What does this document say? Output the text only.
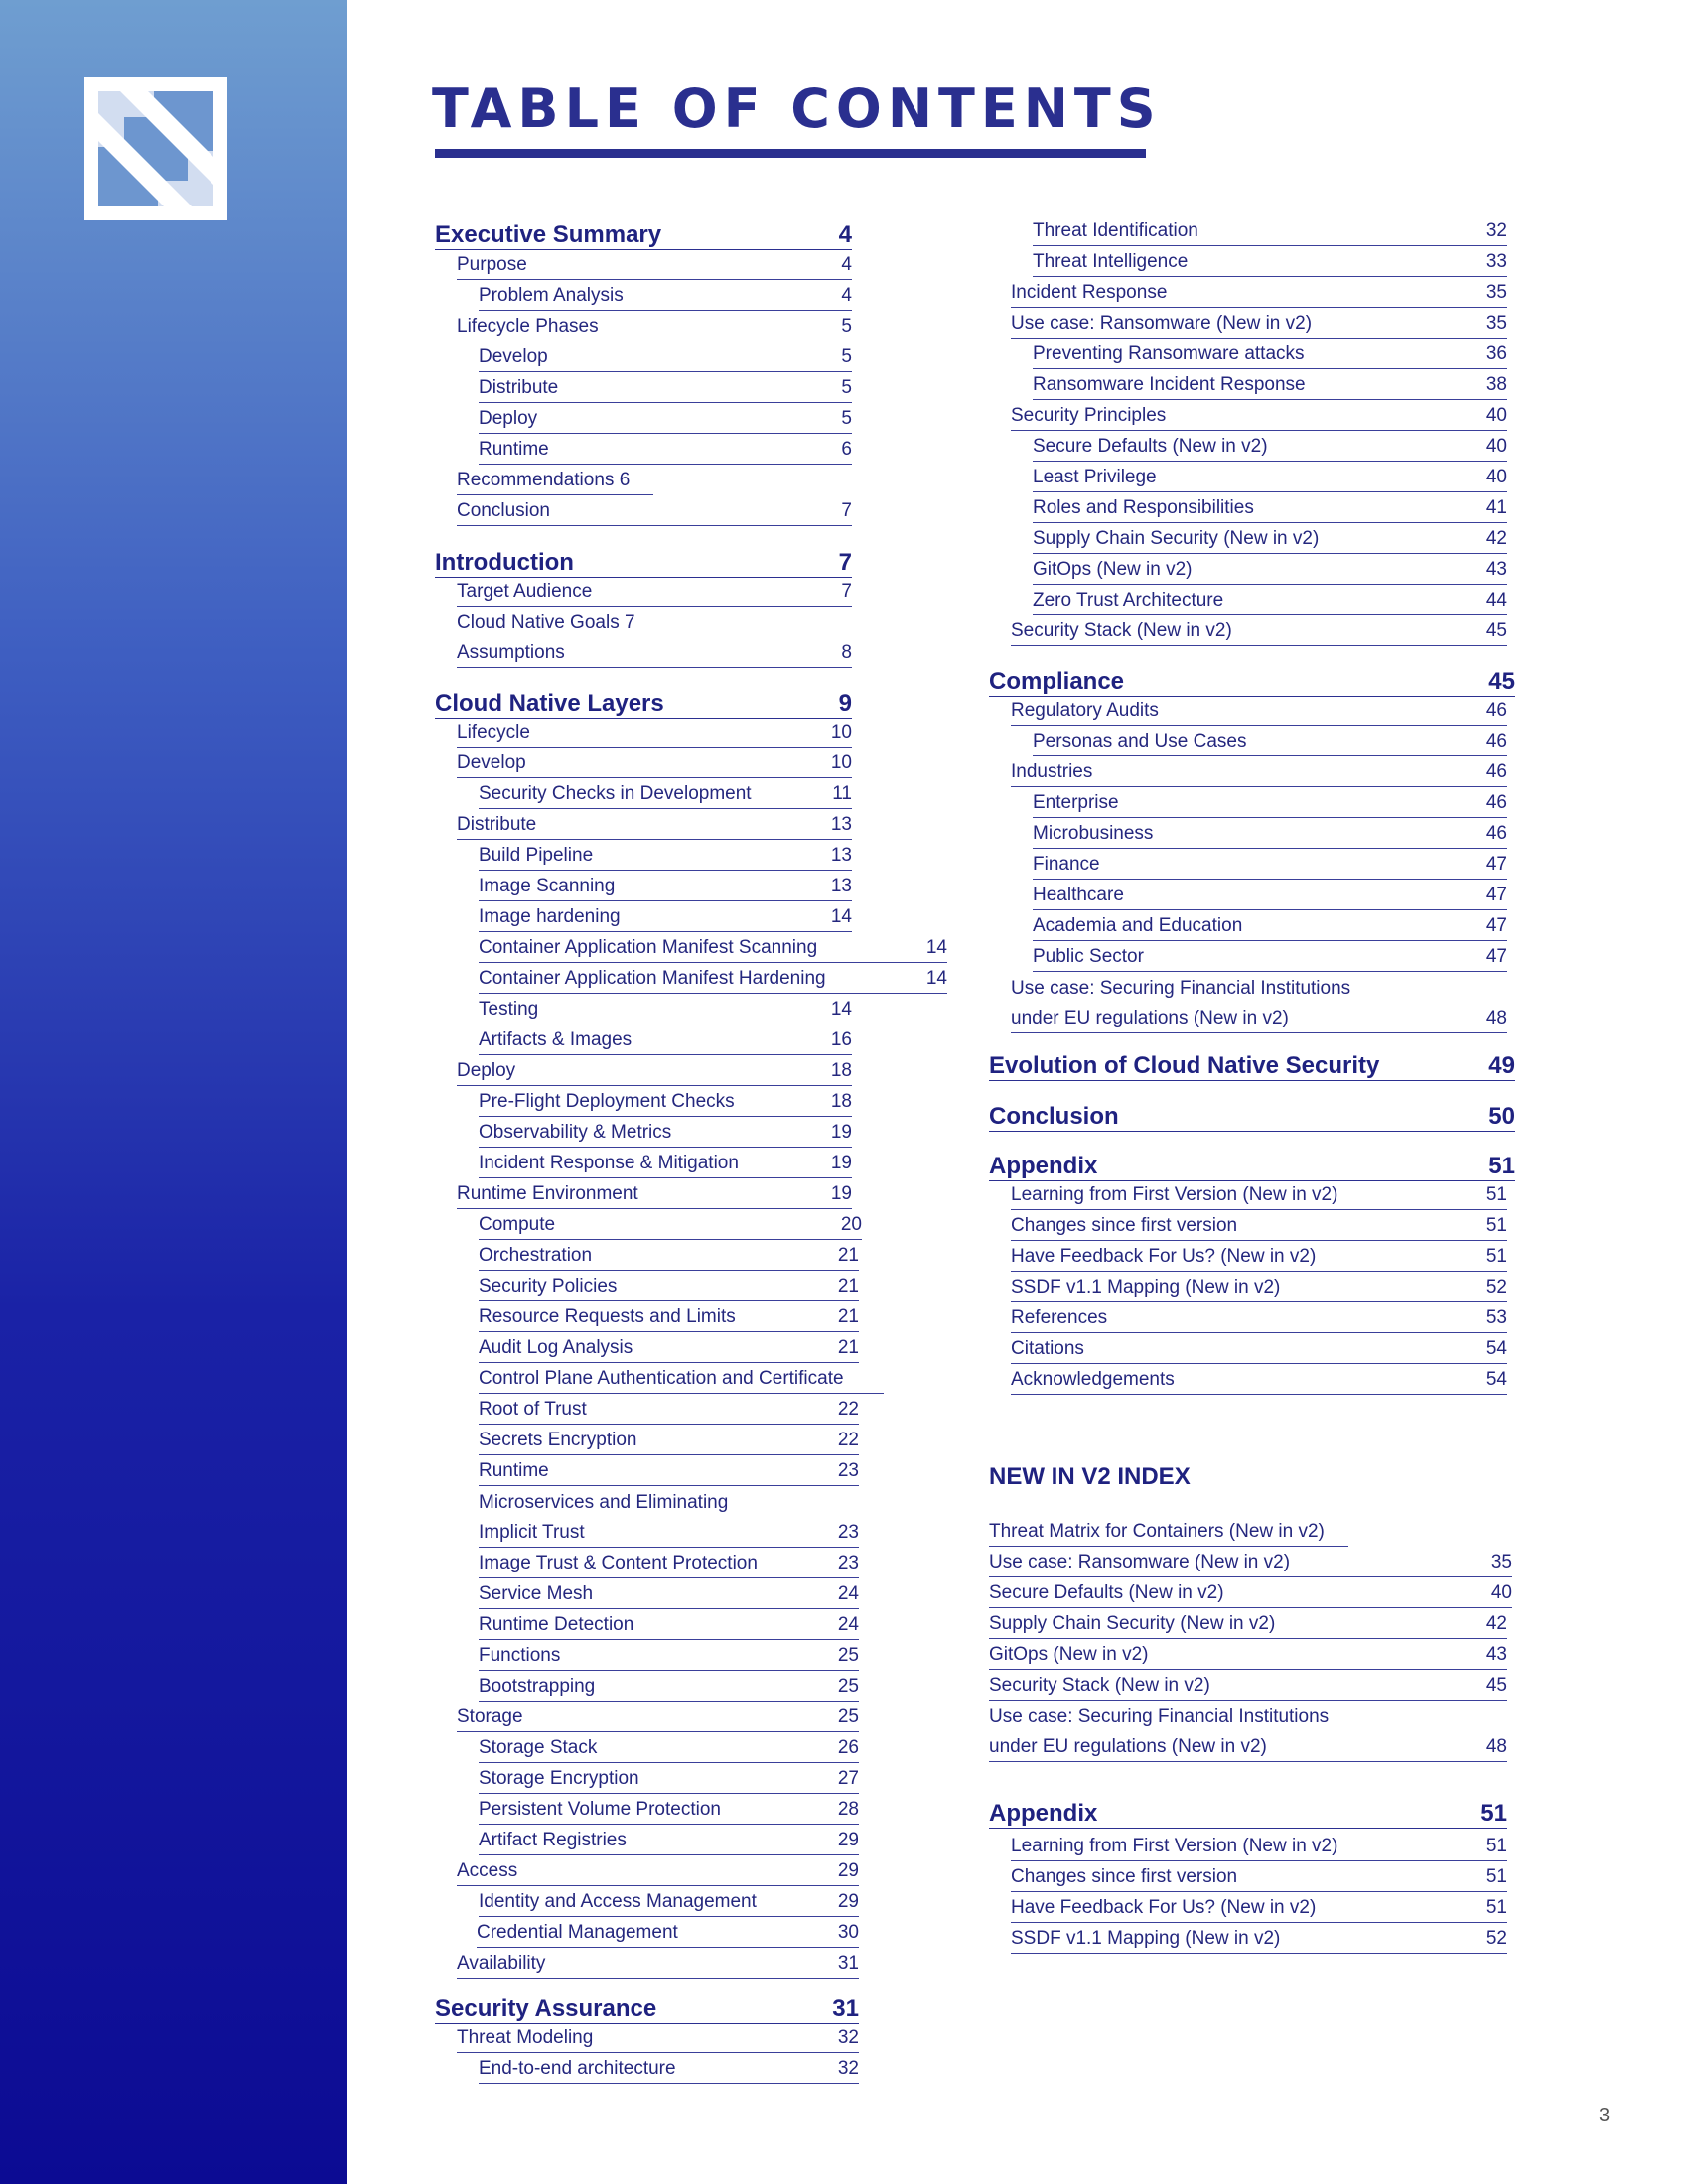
TABLE OF CONTENTS
Executive Summary	4
Purpose	4
Problem Analysis	4
Lifecycle Phases	5
Develop	5
Distribute	5
Deploy	5
Runtime	6
Recommendations 6
Conclusion	7
Introduction	7
Target Audience	7
Cloud Native Goals 7
Assumptions	8
Cloud Native Layers	9
Lifecycle	10
Develop	10
Security Checks in Development	11
Distribute	13
Build Pipeline	13
Image Scanning	13
Image hardening	14
Container Application Manifest Scanning	14
Container Application Manifest Hardening	14
Testing	14
Artifacts & Images	16
Deploy	18
Pre-Flight Deployment Checks	18
Observability & Metrics	19
Incident Response & Mitigation	19
Runtime Environment	19
Compute	20
Orchestration	21
Security Policies	21
Resource Requests and Limits	21
Audit Log Analysis	21
Control Plane Authentication and Certificate
Root of Trust	22
Secrets Encryption	22
Runtime	23
Microservices and Eliminating
Implicit Trust	23
Image Trust & Content Protection	23
Service Mesh	24
Runtime Detection	24
Functions	25
Bootstrapping	25
Storage	25
Storage Stack	26
Storage Encryption	27
Persistent Volume Protection	28
Artifact Registries	29
Access	29
Identity and Access Management	29
Credential Management	30
Availability	31
Security Assurance	31
Threat Modeling	32
End-to-end architecture	32
Threat Identification	32
Threat Intelligence	33
Incident Response	35
Use case: Ransomware (New in v2)	35
Preventing Ransomware attacks	36
Ransomware Incident Response	38
Security Principles	40
Secure Defaults (New in v2)	40
Least Privilege	40
Roles and Responsibilities	41
Supply Chain Security (New in v2)	42
GitOps (New in v2)	43
Zero Trust Architecture	44
Security Stack (New in v2)	45
Compliance	45
Regulatory Audits	46
Personas and Use Cases	46
Industries	46
Enterprise	46
Microbusiness	46
Finance	47
Healthcare	47
Academia and Education	47
Public Sector	47
Use case: Securing Financial Institutions
under EU regulations (New in v2)	48
Evolution of Cloud Native Security	49
Conclusion	50
Appendix	51
Learning from First Version (New in v2)	51
Changes since first version	51
Have Feedback For Us? (New in v2)	51
SSDF v1.1 Mapping (New in v2)	52
References	53
Citations	54
Acknowledgements	54
NEW IN V2 INDEX
Threat Matrix for Containers (New in v2)
Use case: Ransomware (New in v2)	35
Secure Defaults (New in v2)	40
Supply Chain Security (New in v2)	42
GitOps (New in v2)	43
Security Stack (New in v2)	45
Use case: Securing Financial Institutions
under EU regulations (New in v2)	48
Appendix	51
Learning from First Version (New in v2)	51
Changes since first version	51
Have Feedback For Us? (New in v2)	51
SSDF v1.1 Mapping (New in v2)	52
3
